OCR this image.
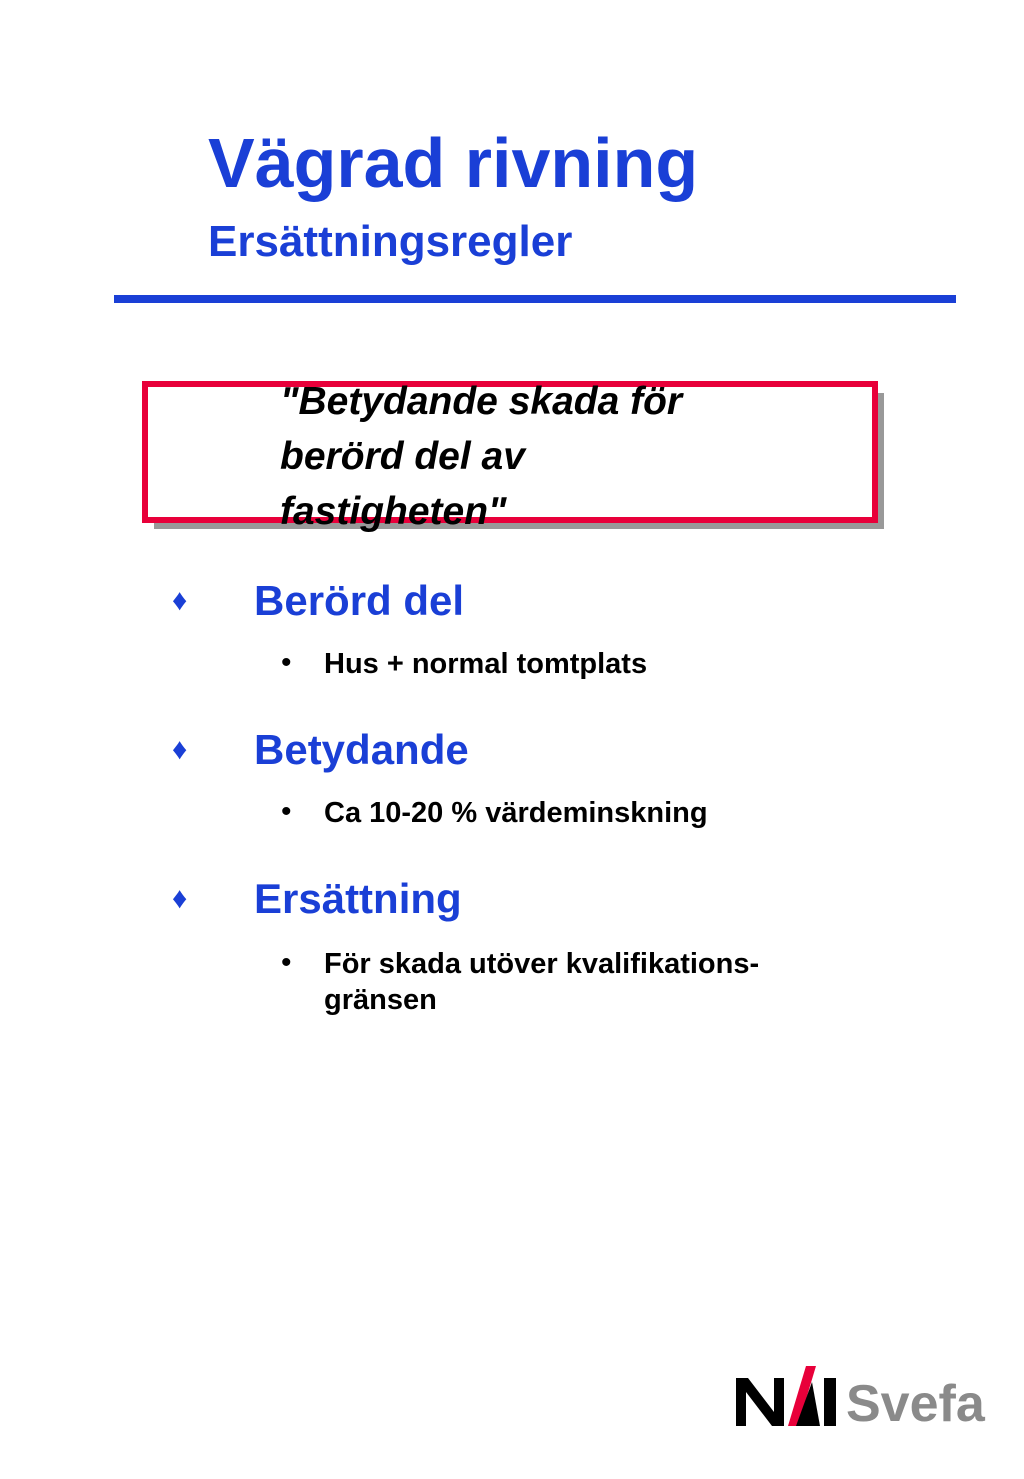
Vägrad rivning
Ersättningsregler
"Betydande skada för
berörd del av
fastigheten"
♦ Berörd del
• Hus + normal tomtplats
♦ Betydande
• Ca 10-20 % värdeminskning
♦ Ersättning
• För skada utöver kvalifikations-
gränsen
Svefa
